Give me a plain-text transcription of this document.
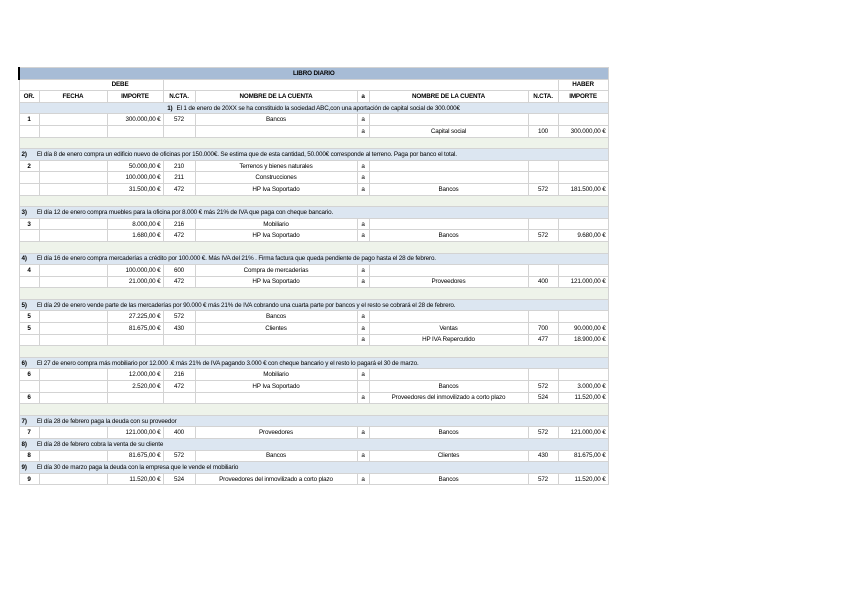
LIBRO DIARIO								
DEBE								HABER
OR.	FECHA	IMPORTE	N.CTA.	NOMBRE DE LA CUENTA	a	NOMBRE DE LA CUENTA	N.CTA.	IMPORTE
1) El 1 de enero de 20XX se ha constituido la sociedad ABC,con una aportación de capital social de 300.000€								
1		300.000,00 €	572	Bancos	a			
					a	Capital social	100	300.000,00 €

2) El día 8 de enero compra un edificio nuevo de oficinas por 150.000€. Se estima que de esta cantidad, 50.000€ corresponde al terreno. Paga por banco el total.								
2		50.000,00 €	210	Terrenos y bienes naturales	a			
		100.000,00 €	211	Construcciones	a			
		31.500,00 €	472	HP Iva Soportado	a	Bancos	572	181.500,00 €

3) El día 12 de enero compra muebles para la oficina por 8.000 € más 21% de IVA que paga con cheque bancario.								
3		8.000,00 €	216	Mobiliario	a			
		1.680,00 €	472	HP Iva Soportado	a	Bancos	572	9.680,00 €

4) El día 16 de enero compra mercaderías a crédito por 100.000 €. Más IVA del 21% . Firma factura que queda pendiente de pago hasta el 28 de febrero.								
4		100.000,00 €	600	Compra de mercaderías	a			
		21.000,00 €	472	HP Iva Soportado	a	Proveedores	400	121.000,00 €

5) El día 29 de enero vende parte de las mercaderías por 90.000 € más 21% de IVA cobrando una cuarta parte por bancos y el resto se cobrará el 28 de febrero.								
5		27.225,00 €	572	Bancos	a			
5		81.675,00 €	430	Clientes	a	Ventas	700	90.000,00 €
					a	HP IVA Repercutido	477	18.900,00 €

6) El 27 de enero compra más mobiliario por 12.000 .€ más 21% de IVA pagando 3.000 € con cheque bancario y el resto lo pagará el 30 de marzo.								
6		12.000,00 €	216	Mobiliario	a			
		2.520,00 €	472	HP Iva Soportado		Bancos	572	3.000,00 €
6					a	Proveedores del inmovilizado a corto plazo	524	11.520,00 €

7) El día 28 de febrero paga la deuda con su proveedor								
7		121.000,00 €	400	Proveedores	a	Bancos	572	121.000,00 €
8) El día 28 de febrero cobra la venta de su cliente								
8		81.675,00 €	572	Bancos	a	Clientes	430	81.675,00 €
9) El día 30 de marzo paga la deuda con la empresa que le vende el mobiliario								
9		11.520,00 €	524	Proveedores del inmovilizado a corto plazo	a	Bancos	572	11.520,00 €
